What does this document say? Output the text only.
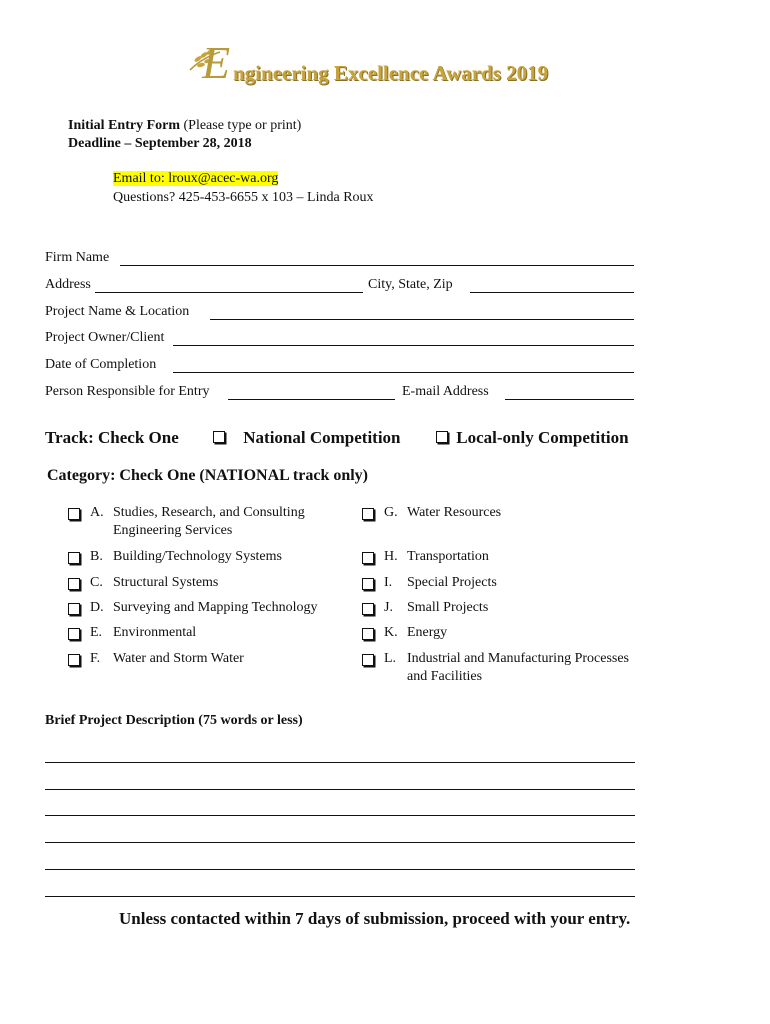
E ngineering Excellence Awards 2019
Initial Entry Form (Please type or print)
Deadline – September 28, 2018
Email to: lroux@acec-wa.org
Questions? 425-453-6655 x 103 – Linda Roux
Firm Name
Address	City, State, Zip
Project Name & Location
Project Owner/Client
Date of Completion
Person Responsible for Entry	E-mail Address
Track: Check One	National Competition	Local-only Competition
Category: Check One (NATIONAL track only)
A. Studies, Research, and Consulting Engineering Services
B. Building/Technology Systems
C. Structural Systems
D. Surveying and Mapping Technology
E. Environmental
F. Water and Storm Water
G. Water Resources
H. Transportation
I. Special Projects
J. Small Projects
K. Energy
L. Industrial and Manufacturing Processes and Facilities
Brief Project Description (75 words or less)
Unless contacted within 7 days of submission, proceed with your entry.
